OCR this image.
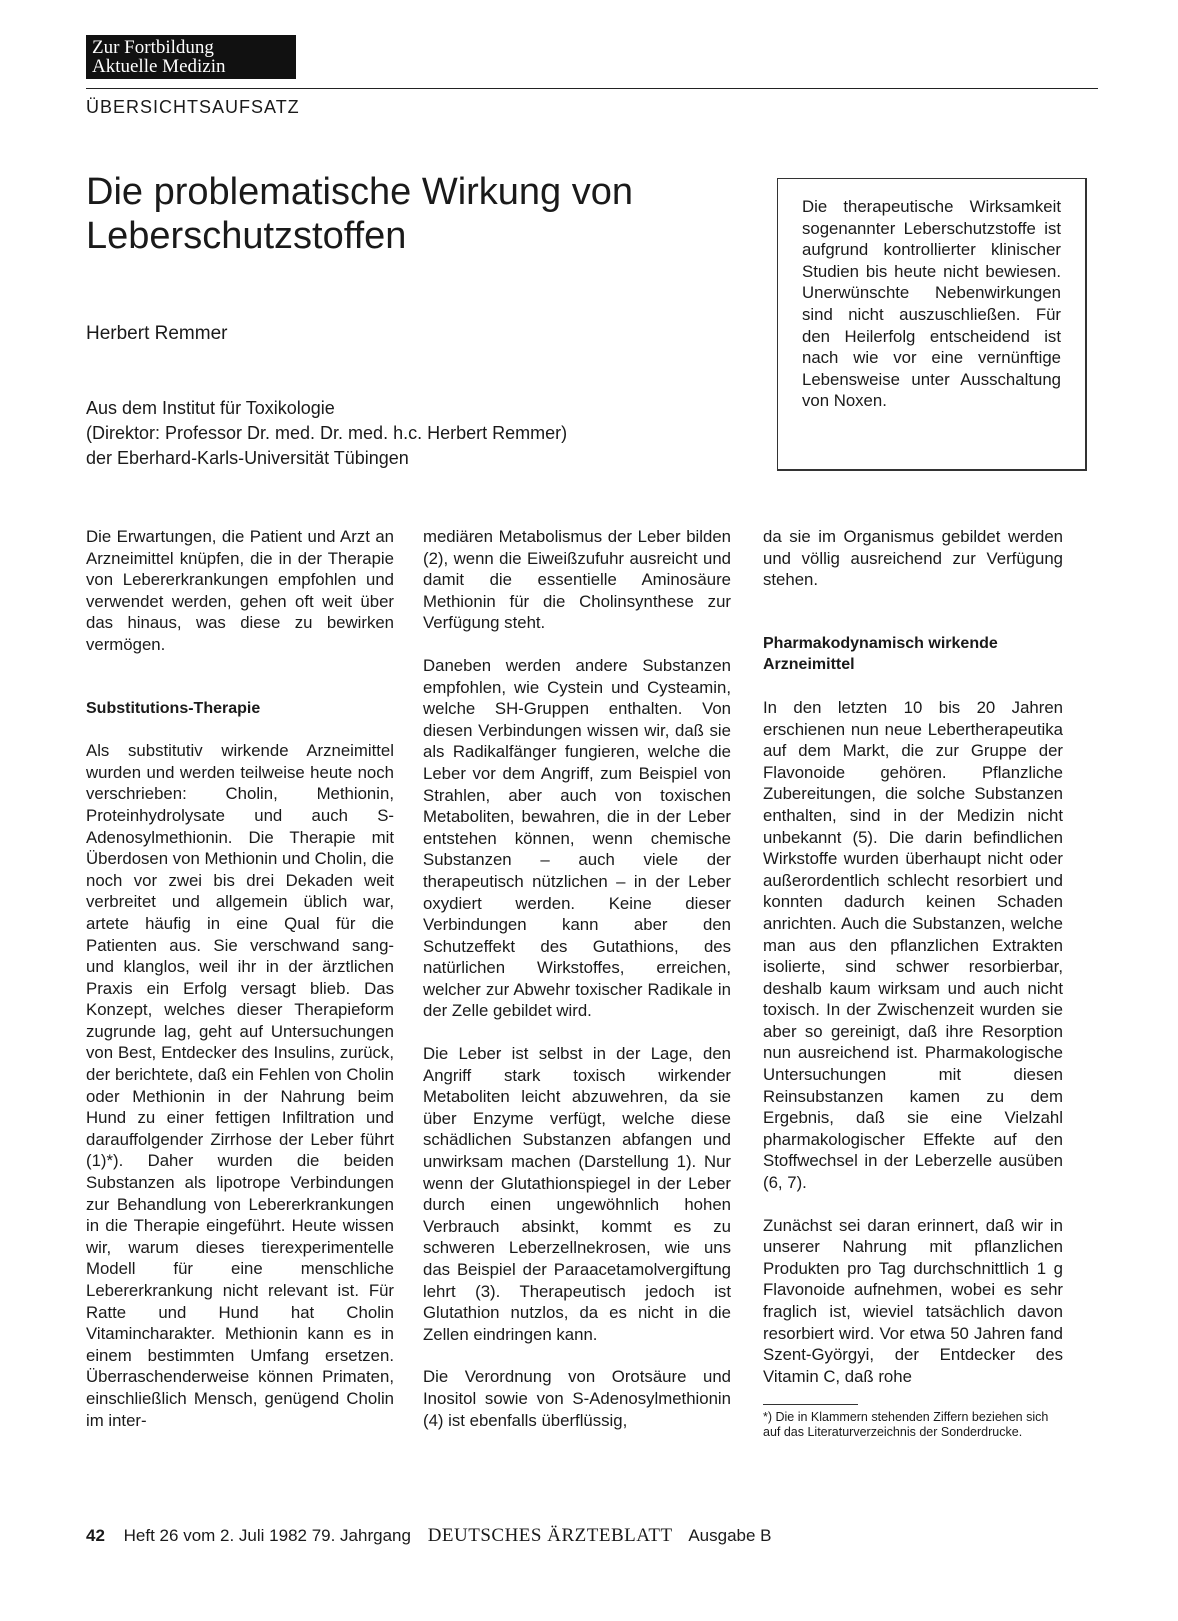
Zur Fortbildung
Aktuelle Medizin
ÜBERSICHTSAUFSATZ
Die problematische Wirkung von Leberschutzstoffen
Herbert Remmer
Aus dem Institut für Toxikologie
(Direktor: Professor Dr. med. Dr. med. h.c. Herbert Remmer)
der Eberhard-Karls-Universität Tübingen
Die therapeutische Wirksamkeit sogenannter Leberschutzstoffe ist aufgrund kontrollierter klinischer Studien bis heute nicht bewiesen. Unerwünschte Nebenwirkungen sind nicht auszuschließen. Für den Heilerfolg entscheidend ist nach wie vor eine vernünftige Lebensweise unter Ausschaltung von Noxen.

Die Erwartungen, die Patient und Arzt an Arzneimittel knüpfen, die in der Therapie von Lebererkrankungen empfohlen und verwendet werden, gehen oft weit über das hinaus, was diese zu bewirken vermögen.

Substitutions-Therapie

Als substitutiv wirkende Arzneimittel wurden und werden teilweise heute noch verschrieben: Cholin, Methionin, Proteinhydrolysate und auch S-Adenosylmethionin. Die Therapie mit Überdosen von Methionin und Cholin, die noch vor zwei bis drei Dekaden weit verbreitet und allgemein üblich war, artete häufig in eine Qual für die Patienten aus. Sie verschwand sang- und klanglos, weil ihr in der ärztlichen Praxis ein Erfolg versagt blieb. Das Konzept, welches dieser Therapieform zugrunde lag, geht auf Untersuchungen von Best, Entdecker des Insulins, zurück, der berichtete, daß ein Fehlen von Cholin oder Methionin in der Nahrung beim Hund zu einer fettigen Infiltration und darauffolgender Zirrhose der Leber führt (1)*). Daher wurden die beiden Substanzen als lipotrope Verbindungen zur Behandlung von Lebererkrankungen in die Therapie eingeführt. Heute wissen wir, warum dieses tierexperimentelle Modell für eine menschliche Lebererkrankung nicht relevant ist. Für Ratte und Hund hat Cholin Vitamincharakter. Methionin kann es in einem bestimmten Umfang ersetzen. Überraschenderweise können Primaten, einschließlich Mensch, genügend Cholin im inter-

mediären Metabolismus der Leber bilden (2), wenn die Eiweißzufuhr ausreicht und damit die essentielle Aminosäure Methionin für die Cholinsynthese zur Verfügung steht.

Daneben werden andere Substanzen empfohlen, wie Cystein und Cysteamin, welche SH-Gruppen enthalten. Von diesen Verbindungen wissen wir, daß sie als Radikalfänger fungieren, welche die Leber vor dem Angriff, zum Beispiel von Strahlen, aber auch von toxischen Metaboliten, bewahren, die in der Leber entstehen können, wenn chemische Substanzen – auch viele der therapeutisch nützlichen – in der Leber oxydiert werden. Keine dieser Verbindungen kann aber den Schutzeffekt des Gutathions, des natürlichen Wirkstoffes, erreichen, welcher zur Abwehr toxischer Radikale in der Zelle gebildet wird.

Die Leber ist selbst in der Lage, den Angriff stark toxisch wirkender Metaboliten leicht abzuwehren, da sie über Enzyme verfügt, welche diese schädlichen Substanzen abfangen und unwirksam machen (Darstellung 1). Nur wenn der Glutathionspiegel in der Leber durch einen ungewöhnlich hohen Verbrauch absinkt, kommt es zu schweren Leberzellnekrosen, wie uns das Beispiel der Paraacetamolvergiftung lehrt (3). Therapeutisch jedoch ist Glutathion nutzlos, da es nicht in die Zellen eindringen kann.

Die Verordnung von Orotsäure und Inositol sowie von S-Adenosylmethionin (4) ist ebenfalls überflüssig,

da sie im Organismus gebildet werden und völlig ausreichend zur Verfügung stehen.

Pharmakodynamisch wirkende Arzneimittel

In den letzten 10 bis 20 Jahren erschienen nun neue Lebertherapeutika auf dem Markt, die zur Gruppe der Flavonoide gehören. Pflanzliche Zubereitungen, die solche Substanzen enthalten, sind in der Medizin nicht unbekannt (5). Die darin befindlichen Wirkstoffe wurden überhaupt nicht oder außerordentlich schlecht resorbiert und konnten dadurch keinen Schaden anrichten. Auch die Substanzen, welche man aus den pflanzlichen Extrakten isolierte, sind schwer resorbierbar, deshalb kaum wirksam und auch nicht toxisch. In der Zwischenzeit wurden sie aber so gereinigt, daß ihre Resorption nun ausreichend ist. Pharmakologische Untersuchungen mit diesen Reinsubstanzen kamen zu dem Ergebnis, daß sie eine Vielzahl pharmakologischer Effekte auf den Stoffwechsel in der Leberzelle ausüben (6, 7).

Zunächst sei daran erinnert, daß wir in unserer Nahrung mit pflanzlichen Produkten pro Tag durchschnittlich 1 g Flavonoide aufnehmen, wobei es sehr fraglich ist, wieviel tatsächlich davon resorbiert wird. Vor etwa 50 Jahren fand Szent-Györgyi, der Entdecker des Vitamin C, daß rohe

*) Die in Klammern stehenden Ziffern beziehen sich auf das Literaturverzeichnis der Sonderdrucke.
42 Heft 26 vom 2. Juli 1982 79. Jahrgang DEUTSCHES ÄRZTEBLATT Ausgabe B
